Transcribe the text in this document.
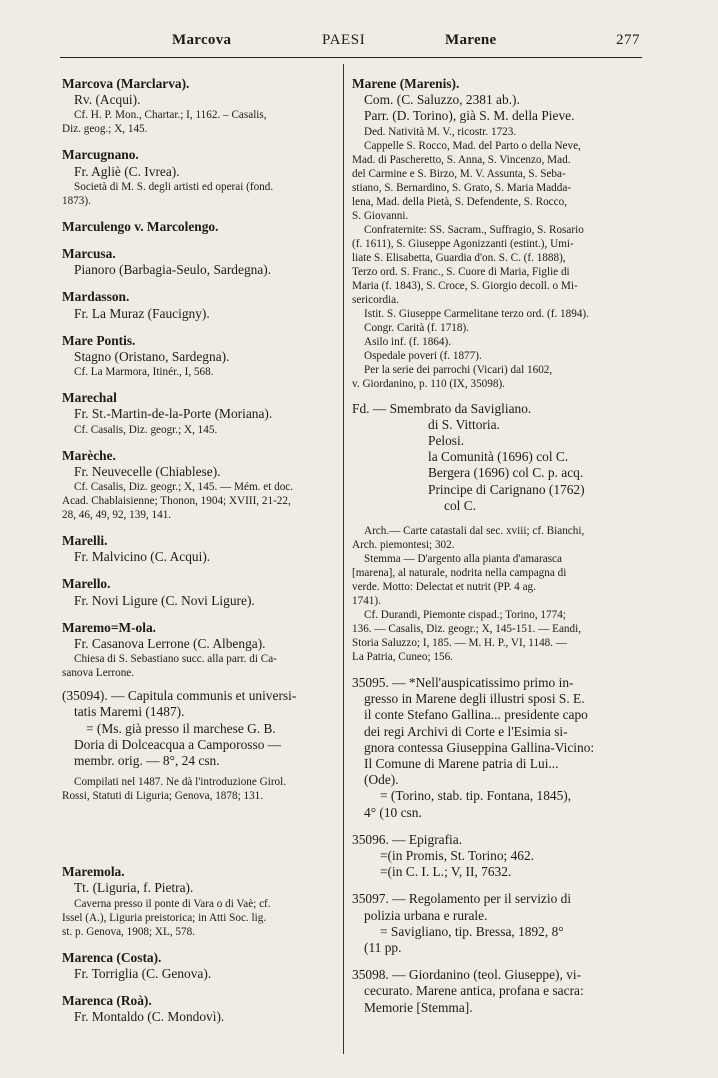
Marcova	PAESI	Marene	277
Marcova (Marclarva).
Rv. (Acqui).
Cf. H. P. Mon., Chartar.; I, 1162. – Casalis,
Diz. geog.; X, 145.
Marcugnano.
Fr. Agliè (C. Ivrea).
Società di M. S. degli artisti ed operai (fond.
1873).
Marculengo v. Marcolengo.
Marcusa.
Pianoro (Barbagia-Seulo, Sardegna).
Mardasson.
Fr. La Muraz (Faucigny).
Mare Pontis.
Stagno (Oristano, Sardegna).
Cf. La Marmora, Itinér., I, 568.
Marechal
Fr. St.-Martin-de-la-Porte (Moriana).
Cf. Casalis, Diz. geogr.; X, 145.
Marèche.
Fr. Neuvecelle (Chiablese).
Cf. Casalis, Diz. geogr.; X, 145. — Mém. et doc.
Acad. Chablaisienne; Thonon, 1904; XVIII, 21-22,
28, 46, 49, 92, 139, 141.
Marelli.
Fr. Malvicino (C. Acqui).
Marello.
Fr. Novi Ligure (C. Novi Ligure).
Maremo=M-ola.
Fr. Casanova Lerrone (C. Albenga).
Chiesa di S. Sebastiano succ. alla parr. di Ca-
sanova Lerrone.
(35094). — Capitula communis et universi-
tatis Maremi (1487).
= (Ms. già presso il marchese G. B.
Doria di Dolceacqua a Camporosso —
membr. orig. — 8°, 24 csn.
Compilati nel 1487. Ne dà l'introduzione Girol.
Rossi, Statuti di Liguria; Genova, 1878; 131.
Maremola.
Tt. (Liguria, f. Pietra).
Caverna presso il ponte di Vara o di Vaè; cf.
Issel (A.), Liguria preistorica; in Atti Soc. lig.
st. p. Genova, 1908; XL, 578.
Marenca (Costa).
Fr. Torriglia (C. Genova).
Marenca (Roà).
Fr. Montaldo (C. Mondovì).
Marene (Marenis).
Com. (C. Saluzzo, 2381 ab.).
Parr. (D. Torino), già S. M. della Pieve.
Ded. Natività M. V., ricostr. 1723.
Cappelle S. Rocco, Mad. del Parto o della Neve,
Mad. di Pascheretto, S. Anna, S. Vincenzo, Mad.
del Carmine e S. Birzo, M. V. Assunta, S. Seba-
stiano, S. Bernardino, S. Grato, S. Maria Madda-
lena, Mad. della Pietà, S. Defendente, S. Rocco,
S. Giovanni.
Confraternite: SS. Sacram., Suffragio, S. Rosario
(f. 1611), S. Giuseppe Agonizzanti (estint.), Umi-
liate S. Elisabetta, Guardia d'on. S. C. (f. 1888),
Terzo ord. S. Franc., S. Cuore di Maria, Figlie di
Maria (f. 1843), S. Croce, S. Giorgio decoll. o Mi-
sericordia.
Istit. S. Giuseppe Carmelitane terzo ord. (f. 1894).
Congr. Carità (f. 1718).
Asilo inf. (f. 1864).
Ospedale poveri (f. 1877).
Per la serie dei parrochi (Vicari) dal 1602,
v. Giordanino, p. 110 (IX, 35098).
Fd. — Smembrato da Savigliano.
di S. Vittoria.
Pelosi.
la Comunità (1696) col C.
Bergera (1696) col C. p. acq.
Principe di Carignano (1762)
col C.
Arch.— Carte catastali dal sec. xviii; cf. Bianchi,
Arch. piemontesi; 302.
Stemma — D'argento alla pianta d'amarasca
[marena], al naturale, nodrita nella campagna di
verde. Motto: Delectat et nutrit (PP. 4 ag.
1741).
Cf. Durandi, Piemonte cispad.; Torino, 1774;
136. — Casalis, Diz. geogr.; X, 145-151. — Eandi,
Storia Saluzzo; I, 185. — M. H. P., VI, 1148. —
La Patria, Cuneo; 156.
35095. — *Nell'auspicatissimo primo in-
gresso in Marene degli illustri sposi S. E.
il conte Stefano Gallina... presidente capo
dei regi Archivi di Corte e l'Esimia si-
gnora contessa Giuseppina Gallina-Vicino:
Il Comune di Marene patria di Lui...
(Ode).
= (Torino, stab. tip. Fontana, 1845),
4° (10 csn.
35096. — Epigrafia.
=(in Promis, St. Torino; 462.
=(in C. I. L.; V, II, 7632.
35097. — Regolamento per il servizio di
polizia urbana e rurale.
= Savigliano, tip. Bressa, 1892, 8°
(11 pp.
35098. — Giordanino (teol. Giuseppe), vi-
cecurato. Marene antica, profana e sacra:
Memorie [Stemma].
